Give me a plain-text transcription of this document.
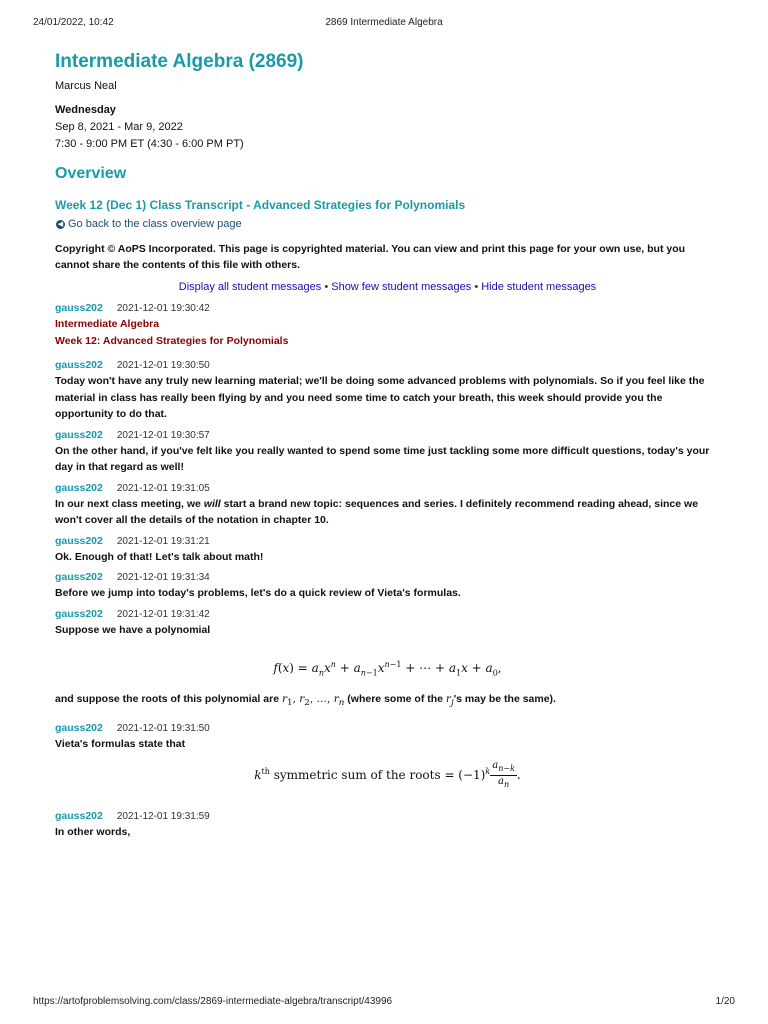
24/01/2022, 10:42	2869 Intermediate Algebra
Intermediate Algebra (2869)
Marcus Neal
Wednesday
Sep 8, 2021 - Mar 9, 2022
7:30 - 9:00 PM ET (4:30 - 6:00 PM PT)
Overview
Week 12 (Dec 1) Class Transcript - Advanced Strategies for Polynomials
◀ Go back to the class overview page
Copyright © AoPS Incorporated. This page is copyrighted material. You can view and print this page for your own use, but you cannot share the contents of this file with others.
Display all student messages • Show few student messages • Hide student messages
gauss202 2021-12-01 19:30:42
Intermediate Algebra
Week 12: Advanced Strategies for Polynomials
gauss202 2021-12-01 19:30:50
Today won't have any truly new learning material; we'll be doing some advanced problems with polynomials. So if you feel like the material in class has really been flying by and you need some time to catch your breath, this week should provide you the opportunity to do that.
gauss202 2021-12-01 19:30:57
On the other hand, if you've felt like you really wanted to spend some time just tackling some more difficult questions, today's your day in that regard as well!
gauss202 2021-12-01 19:31:05
In our next class meeting, we will start a brand new topic: sequences and series. I definitely recommend reading ahead, since we won't cover all the details of the notation in chapter 10.
gauss202 2021-12-01 19:31:21
Ok. Enough of that! Let's talk about math!
gauss202 2021-12-01 19:31:34
Before we jump into today's problems, let's do a quick review of Vieta's formulas.
gauss202 2021-12-01 19:31:42
Suppose we have a polynomial
$f(x) = a_nx^n + a_{n-1}x^{n-1}$ + ⋯ + $a_1x + a_0$,
and suppose the roots of this polynomial are $r_1$, $r_2$, …, $r_n$ (where some of the $r_j's$ may be the same).
gauss202 2021-12-01 19:31:50
Vieta's formulas state that
$k^{th}$ symmetric sum of the roots = $(-1)^k \frac{a_{n-k}}{a_n}$ .
gauss202 2021-12-01 19:31:59
In other words,
https://artofproblemsolving.com/class/2869-intermediate-algebra/transcript/43996	1/20
